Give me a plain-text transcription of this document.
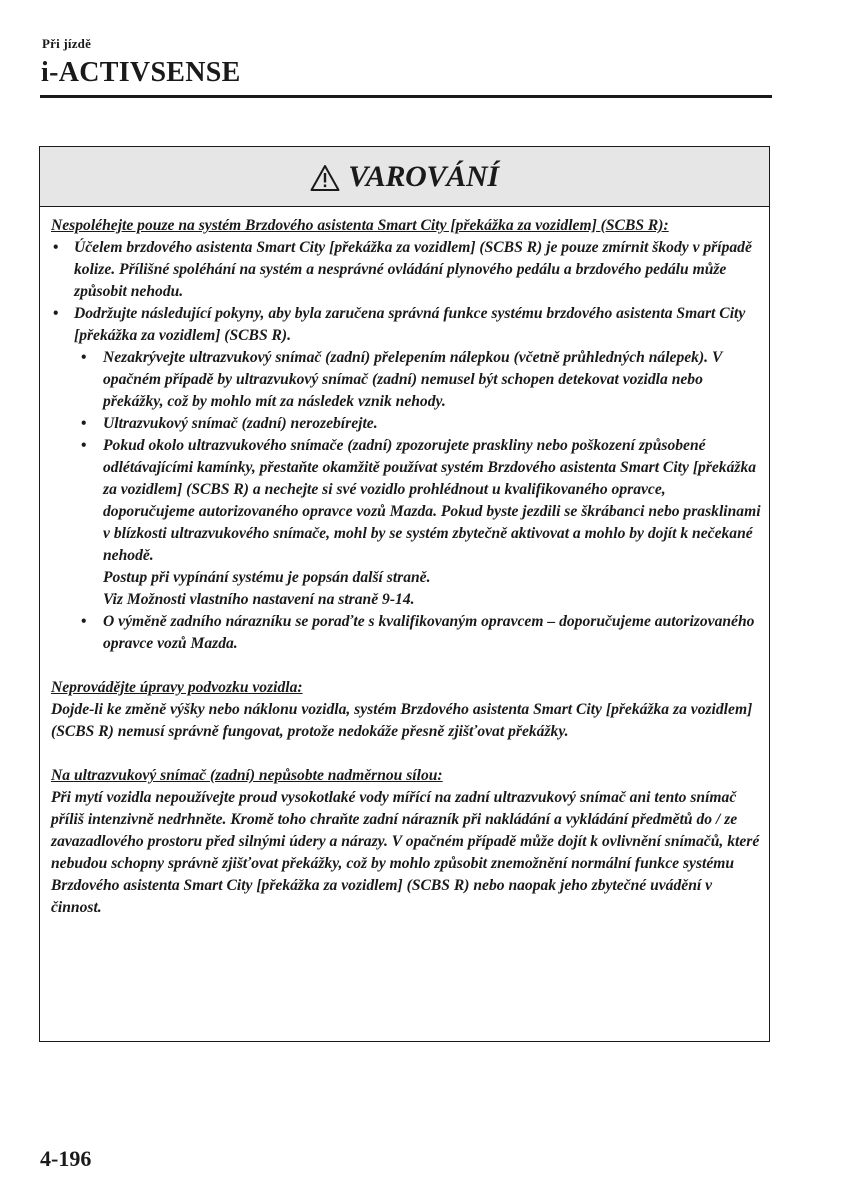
Při jízdě
i-ACTIVSENSE
VAROVÁNÍ

Nespoléhejte pouze na systém Brzdového asistenta Smart City [překážka za vozidlem] (SCBS R):

• Účelem brzdového asistenta Smart City [překážka za vozidlem] (SCBS R) je pouze zmírnit škody v případě kolize. Přílišné spoléhání na systém a nesprávné ovládání plynového pedálu a brzdového pedálu může způsobit nehodu.
• Dodržujte následující pokyny, aby byla zaručena správná funkce systému brzdového asistenta Smart City [překážka za vozidlem] (SCBS R).
• Nezakrývejte ultrazvukový snímač (zadní) přelepením nálepkou (včetně průhledných nálepek). V opačném případě by ultrazvukový snímač (zadní) nemusel být schopen detekovat vozidla nebo překážky, což by mohlo mít za následek vznik nehody.
• Ultrazvukový snímač (zadní) nerozebírejte.
• Pokud okolo ultrazvukového snímače (zadní) zpozorujete praskliny nebo poškození způsobené odlétávajícími kamínky, přestaňte okamžitě používat systém Brzdového asistenta Smart City [překážka za vozidlem] (SCBS R) a nechejte si své vozidlo prohlédnout u kvalifikovaného opravce, doporučujeme autorizovaného opravce vozů Mazda. Pokud byste jezdili se škrábanci nebo prasklinami v blízkosti ultrazvukového snímače, mohl by se systém zbytečně aktivovat a mohlo by dojít k nečekané nehodě.
Postup při vypínání systému je popsán další straně.
Viz Možnosti vlastního nastavení na straně 9-14.
• O výměně zadního nárazníku se poraďte s kvalifikovaným opravcem – doporučujeme autorizovaného opravce vozů Mazda.

Neprovádějte úpravy podvozku vozidla:

Dojde-li ke změně výšky nebo náklonu vozidla, systém Brzdového asistenta Smart City [překážka za vozidlem] (SCBS R) nemusí správně fungovat, protože nedokáže přesně zjišťovat překážky.

Na ultrazvukový snímač (zadní) nepůsobte nadměrnou sílou:

Při mytí vozidla nepoužívejte proud vysokotlaké vody mířící na zadní ultrazvukový snímač ani tento snímač příliš intenzivně nedrhněte. Kromě toho chraňte zadní nárazník při nakládání a vykládání předmětů do / ze zavazadlového prostoru před silnými údery a nárazy. V opačném případě může dojít k ovlivnění snímačů, které nebudou schopny správně zjišťovat překážky, což by mohlo způsobit znemožnění normální funkce systému Brzdového asistenta Smart City [překážka za vozidlem] (SCBS R) nebo naopak jeho zbytečné uvádění v činnost.

4-196
